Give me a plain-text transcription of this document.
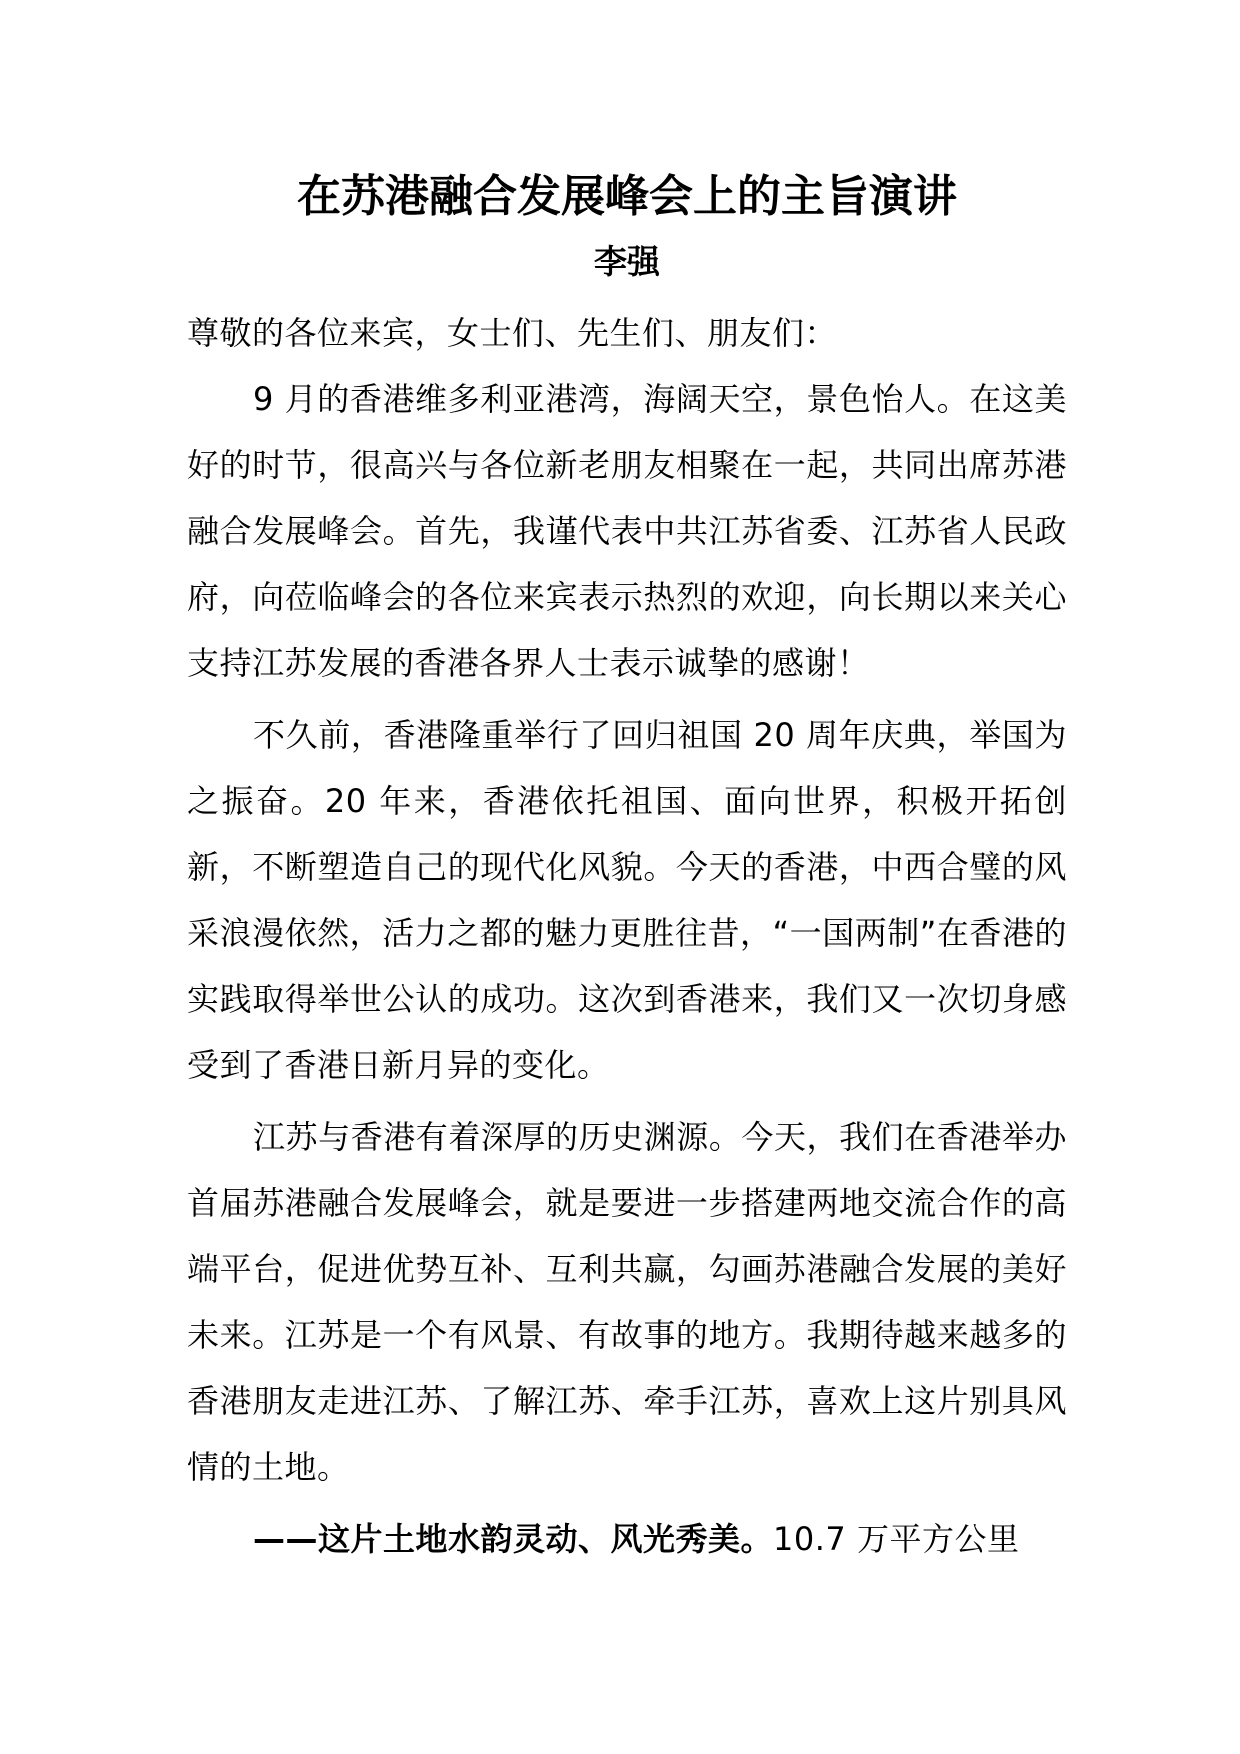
在苏港融合发展峰会上的主旨演讲
李强

尊敬的各位来宾，女士们、先生们、朋友们：

9 月的香港维多利亚港湾，海阔天空，景色怡人。在这美好的时节，很高兴与各位新老朋友相聚在一起，共同出席苏港融合发展峰会。首先，我谨代表中共江苏省委、江苏省人民政府，向莅临峰会的各位来宾表示热烈的欢迎，向长期以来关心支持江苏发展的香港各界人士表示诚挚的感谢！

不久前，香港隆重举行了回归祖国 20 周年庆典，举国为之振奋。20 年来，香港依托祖国、面向世界，积极开拓创新，不断塑造自己的现代化风貌。今天的香港，中西合璧的风采浪漫依然，活力之都的魅力更胜往昔，“一国两制”在香港的实践取得举世公认的成功。这次到香港来，我们又一次切身感受到了香港日新月异的变化。

江苏与香港有着深厚的历史渊源。今天，我们在香港举办首届苏港融合发展峰会，就是要进一步搭建两地交流合作的高端平台，促进优势互补、互利共赢，勾画苏港融合发展的美好未来。江苏是一个有风景、有故事的地方。我期待越来越多的香港朋友走进江苏、了解江苏、牵手江苏，喜欢上这片别具风情的土地。

——这片土地水韵灵动、风光秀美。10.7 万平方公里
